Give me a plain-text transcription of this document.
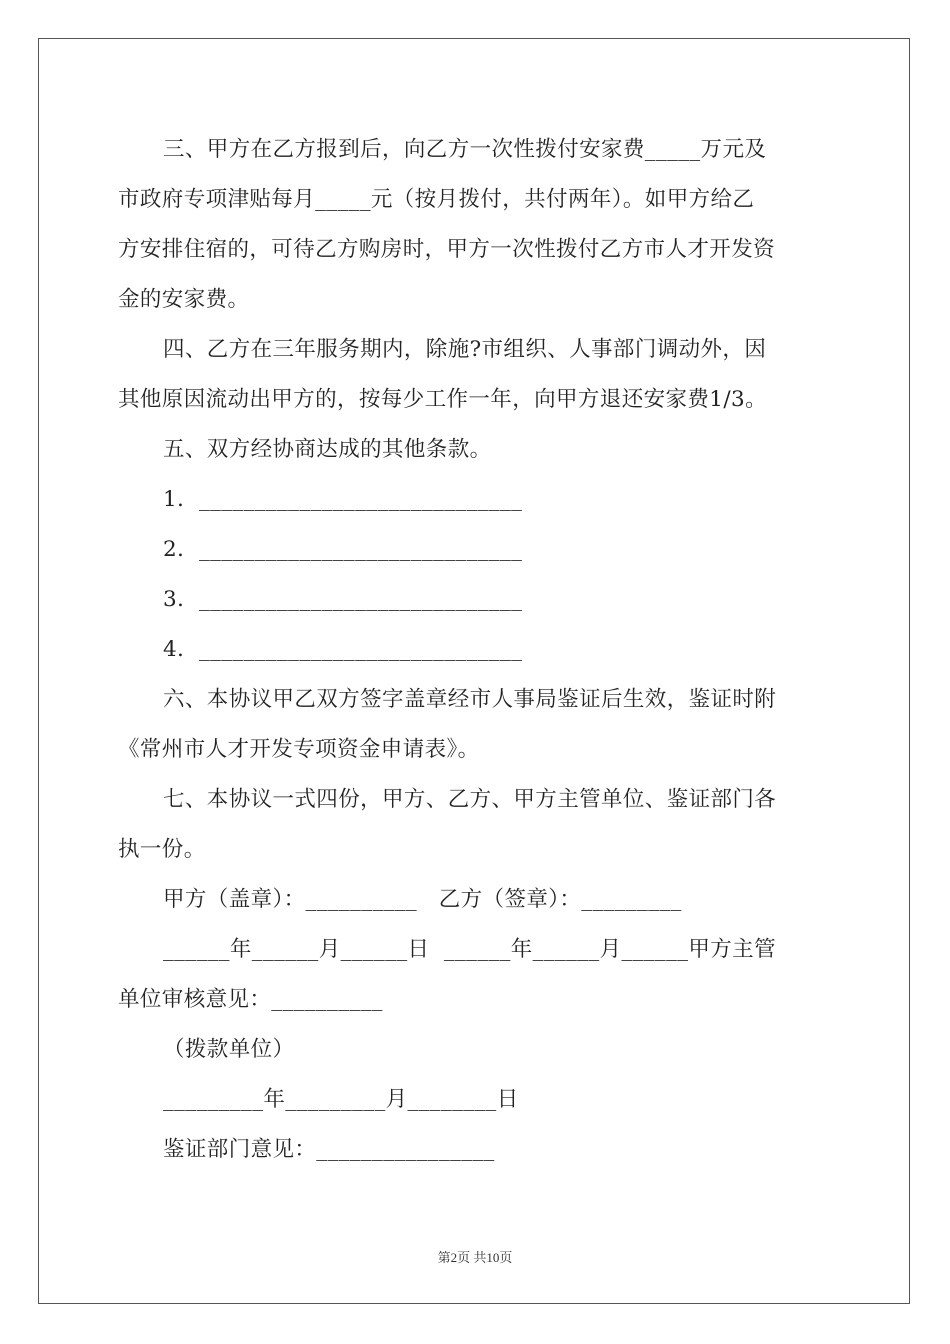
三、甲方在乙方报到后，向乙方一次性拨付安家费_____万元及
市政府专项津贴每月_____元（按月拨付，共付两年）。如甲方给乙
方安排住宿的，可待乙方购房时，甲方一次性拨付乙方市人才开发资
金的安家费。
四、乙方在三年服务期内，除施?市组织、人事部门调动外，因
其他原因流动出甲方的，按每少工作一年，向甲方退还安家费1/3。
五、双方经协商达成的其他条款。
1．_____________________________
2．_____________________________
3．_____________________________
4．_____________________________
六、本协议甲乙双方签字盖章经市人事局鉴证后生效，鉴证时附
《常州市人才开发专项资金申请表》。
七、本协议一式四份，甲方、乙方、甲方主管单位、鉴证部门各
执一份。
甲方（盖章）：__________   乙方（签章）：_________
______年______月______日  ______年______月______甲方主管
单位审核意见：__________
（拨款单位）
_________年_________月________日
鉴证部门意见：________________
第2页 共10页
